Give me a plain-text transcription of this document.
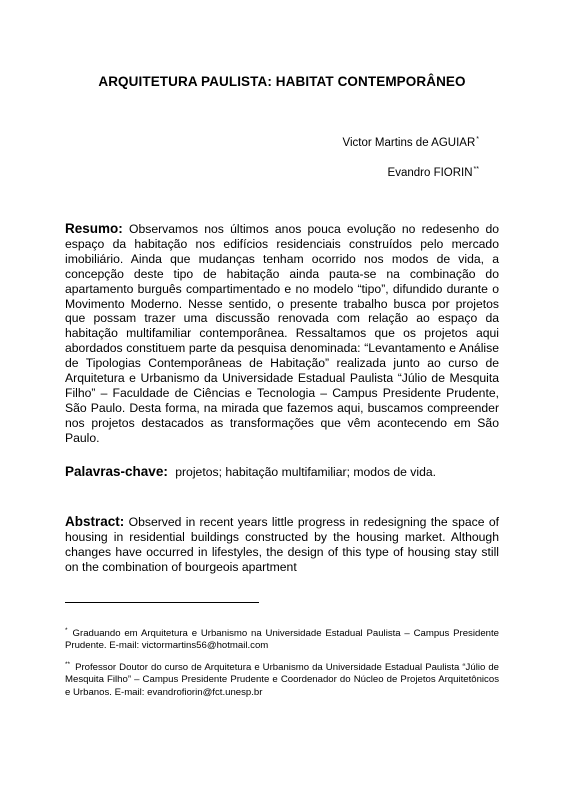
ARQUITETURA PAULISTA: HABITAT CONTEMPORÂNEO
Victor Martins de AGUIAR*
Evandro FIORIN**
Resumo: Observamos nos últimos anos pouca evolução no redesenho do espaço da habitação nos edifícios residenciais construídos pelo mercado imobiliário. Ainda que mudanças tenham ocorrido nos modos de vida, a concepção deste tipo de habitação ainda pauta-se na combinação do apartamento burguês compartimentado e no modelo “tipo”, difundido durante o Movimento Moderno. Nesse sentido, o presente trabalho busca por projetos que possam trazer uma discussão renovada com relação ao espaço da habitação multifamiliar contemporânea. Ressaltamos que os projetos aqui abordados constituem parte da pesquisa denominada: “Levantamento e Análise de Tipologias Contemporâneas de Habitação” realizada junto ao curso de Arquitetura e Urbanismo da Universidade Estadual Paulista “Júlio de Mesquita Filho” – Faculdade de Ciências e Tecnologia – Campus Presidente Prudente, São Paulo. Desta forma, na mirada que fazemos aqui, buscamos compreender nos projetos destacados as transformações que vêm acontecendo em São Paulo.
Palavras-chave: projetos; habitação multifamiliar; modos de vida.
Abstract: Observed in recent years little progress in redesigning the space of housing in residential buildings constructed by the housing market. Although changes have occurred in lifestyles, the design of this type of housing stay still on the combination of bourgeois apartment
* Graduando em Arquitetura e Urbanismo na Universidade Estadual Paulista – Campus Presidente Prudente. E-mail: victormartins56@hotmail.com
** Professor Doutor do curso de Arquitetura e Urbanismo da Universidade Estadual Paulista “Júlio de Mesquita Filho” – Campus Presidente Prudente e Coordenador do Núcleo de Projetos Arquitetônicos e Urbanos. E-mail: evandrofiorin@fct.unesp.br
